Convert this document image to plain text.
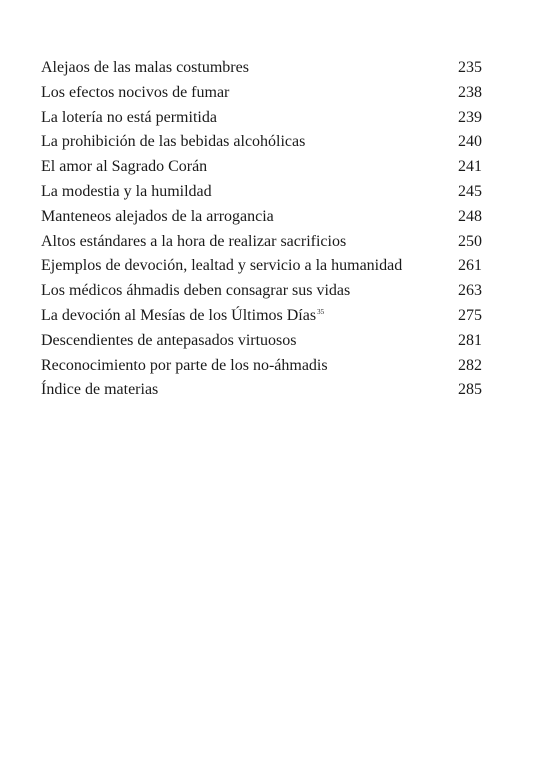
Alejaos de las malas costumbres	235
Los efectos nocivos de fumar	238
La lotería no está permitida	239
La prohibición de las bebidas alcohólicas	240
El amor al Sagrado Corán	241
La modestia y la humildad	245
Manteneos alejados de la arrogancia	248
Altos estándares a la hora de realizar sacrificios	250
Ejemplos de devoción, lealtad y servicio a la humanidad	261
Los médicos áhmadis deben consagrar sus vidas	263
La devoción al Mesías de los Últimos Días$^{35}$	275
Descendientes de antepasados virtuosos	281
Reconocimiento por parte de los no-áhmadis	282
Índice de materias	285
